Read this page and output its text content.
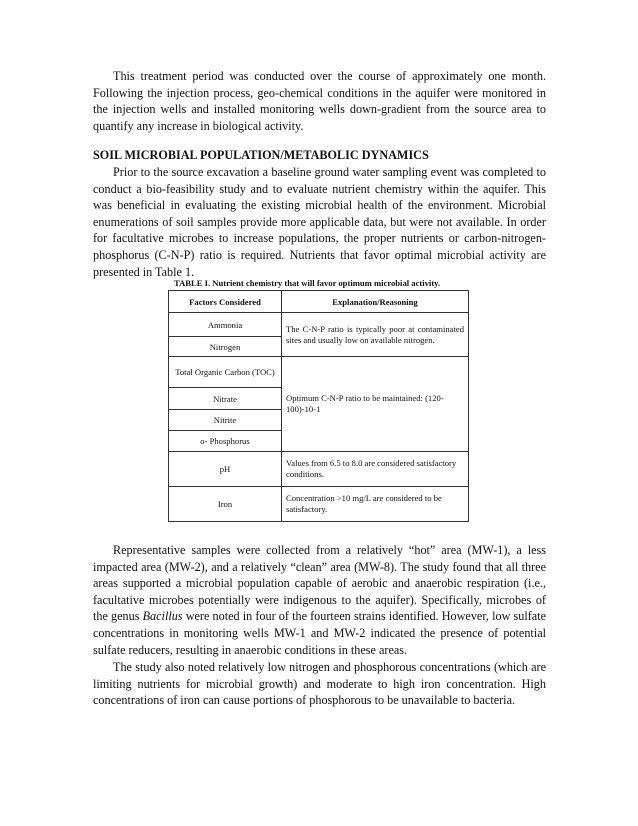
This treatment period was conducted over the course of approximately one month. Following the injection process, geo-chemical conditions in the aquifer were monitored in the injection wells and installed monitoring wells down-gradient from the source area to quantify any increase in biological activity.

SOIL MICROBIAL POPULATION/METABOLIC DYNAMICS

Prior to the source excavation a baseline ground water sampling event was completed to conduct a bio-feasibility study and to evaluate nutrient chemistry within the aquifer. This was beneficial in evaluating the existing microbial health of the environment. Microbial enumerations of soil samples provide more applicable data, but were not available. In order for facultative microbes to increase populations, the proper nutrients or carbon-nitrogen-phosphorus (C-N-P) ratio is required. Nutrients that favor optimal microbial activity are presented in Table 1.

TABLE I. Nutrient chemistry that will favor optimum microbial activity.
Factors Considered	Explanation/Reasoning
Ammonia	The C-N-P ratio is typically poor at contaminated sites and usually low on available nitrogen.
Nitrogen	
Total Organic Carbon (TOC)	Optimum C-N-P ratio to be maintained: (120-100)-10-1
Nitrate	
Nitrite	
o- Phosphorus	
pH	Values from 6.5 to 8.0 are considered satisfactory conditions.
Iron	Concentration >10 mg/L are considered to be satisfactory.

Representative samples were collected from a relatively “hot” area (MW-1), a less impacted area (MW-2), and a relatively “clean” area (MW-8). The study found that all three areas supported a microbial population capable of aerobic and anaerobic respiration (i.e., facultative microbes potentially were indigenous to the aquifer). Specifically, microbes of the genus Bacillus were noted in four of the fourteen strains identified. However, low sulfate concentrations in monitoring wells MW-1 and MW-2 indicated the presence of potential sulfate reducers, resulting in anaerobic conditions in these areas.

The study also noted relatively low nitrogen and phosphorous concentrations (which are limiting nutrients for microbial growth) and moderate to high iron concentration. High concentrations of iron can cause portions of phosphorous to be unavailable to bacteria.
